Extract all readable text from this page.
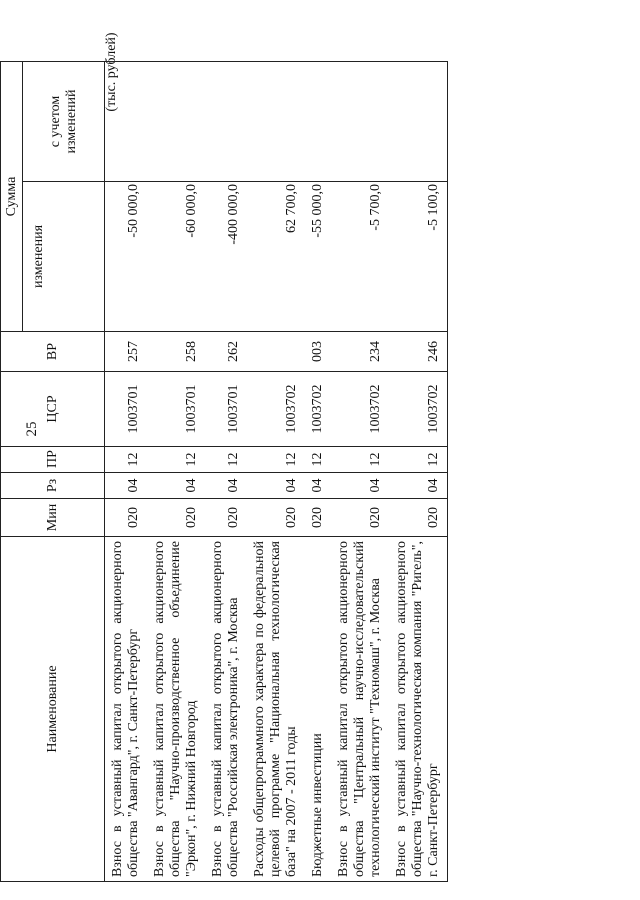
25
(тыс. рублей)
Наименование	Мин	Рз	ПР	ЦСР	ВР	Сумма	
						изменения	с учетом изменений
Взнос в уставный капитал открытого акционерного общества "Авангард", г. Санкт-Петербург	020	04	12	1003701	257	-50 000,0	
Взнос в уставный капитал открытого акционерного общества "Научно-производственное объединение "Эркон", г. Нижний Новгород	020	04	12	1003701	258	-60 000,0	
Взнос в уставный капитал открытого акционерного общества "Российская электроника", г. Москва	020	04	12	1003701	262	-400 000,0	
Расходы общепрограммного характера по федеральной целевой программе "Национальная технологическая база" на 2007 - 2011 годы	020	04	12	1003702		62 700,0	
Бюджетные инвестиции	020	04	12	1003702	003	-55 000,0	
Взнос в уставный капитал открытого акционерного общества "Центральный научно-исследовательский технологический институт "Техномаш", г. Москва	020	04	12	1003702	234	-5 700,0	
Взнос в уставный капитал открытого акционерного общества "Научно-технологическая компания "Ригель", г. Санкт-Петербург	020	04	12	1003702	246	-5 100,0	
